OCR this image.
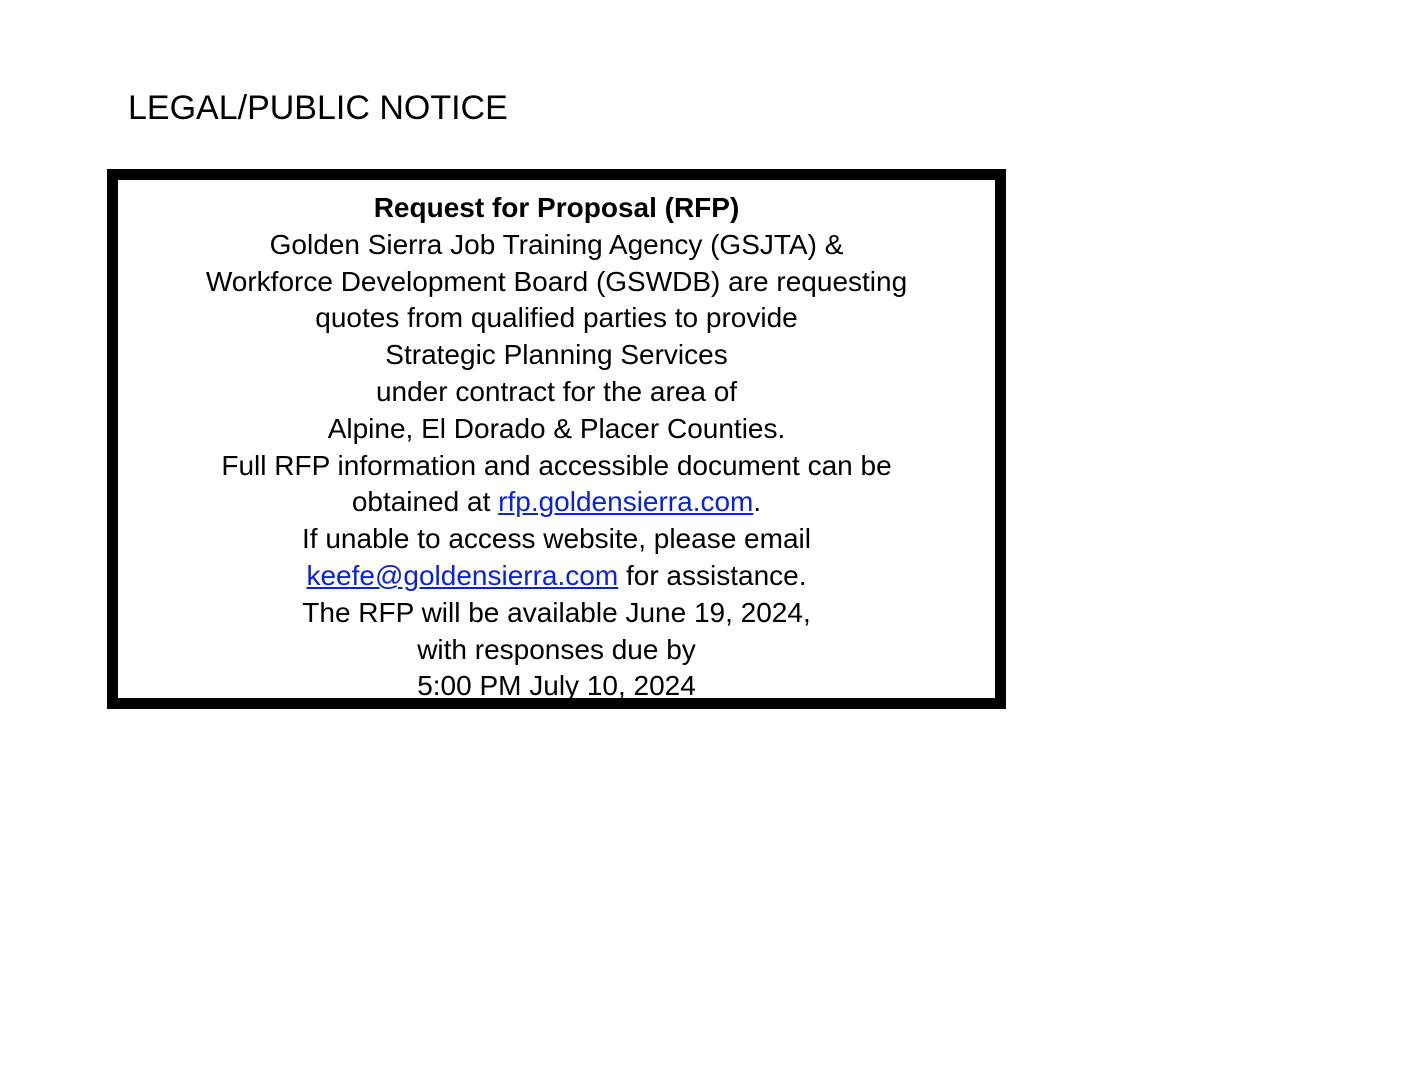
LEGAL/PUBLIC NOTICE
Request for Proposal (RFP)
Golden Sierra Job Training Agency (GSJTA) &
Workforce Development Board (GSWDB) are requesting
quotes from qualified parties to provide
Strategic Planning Services
under contract for the area of
Alpine, El Dorado & Placer Counties.
Full RFP information and accessible document can be
obtained at rfp.goldensierra.com.
If unable to access website, please email
keefe@goldensierra.com for assistance.
The RFP will be available June 19, 2024,
with responses due by
5:00 PM July 10, 2024
